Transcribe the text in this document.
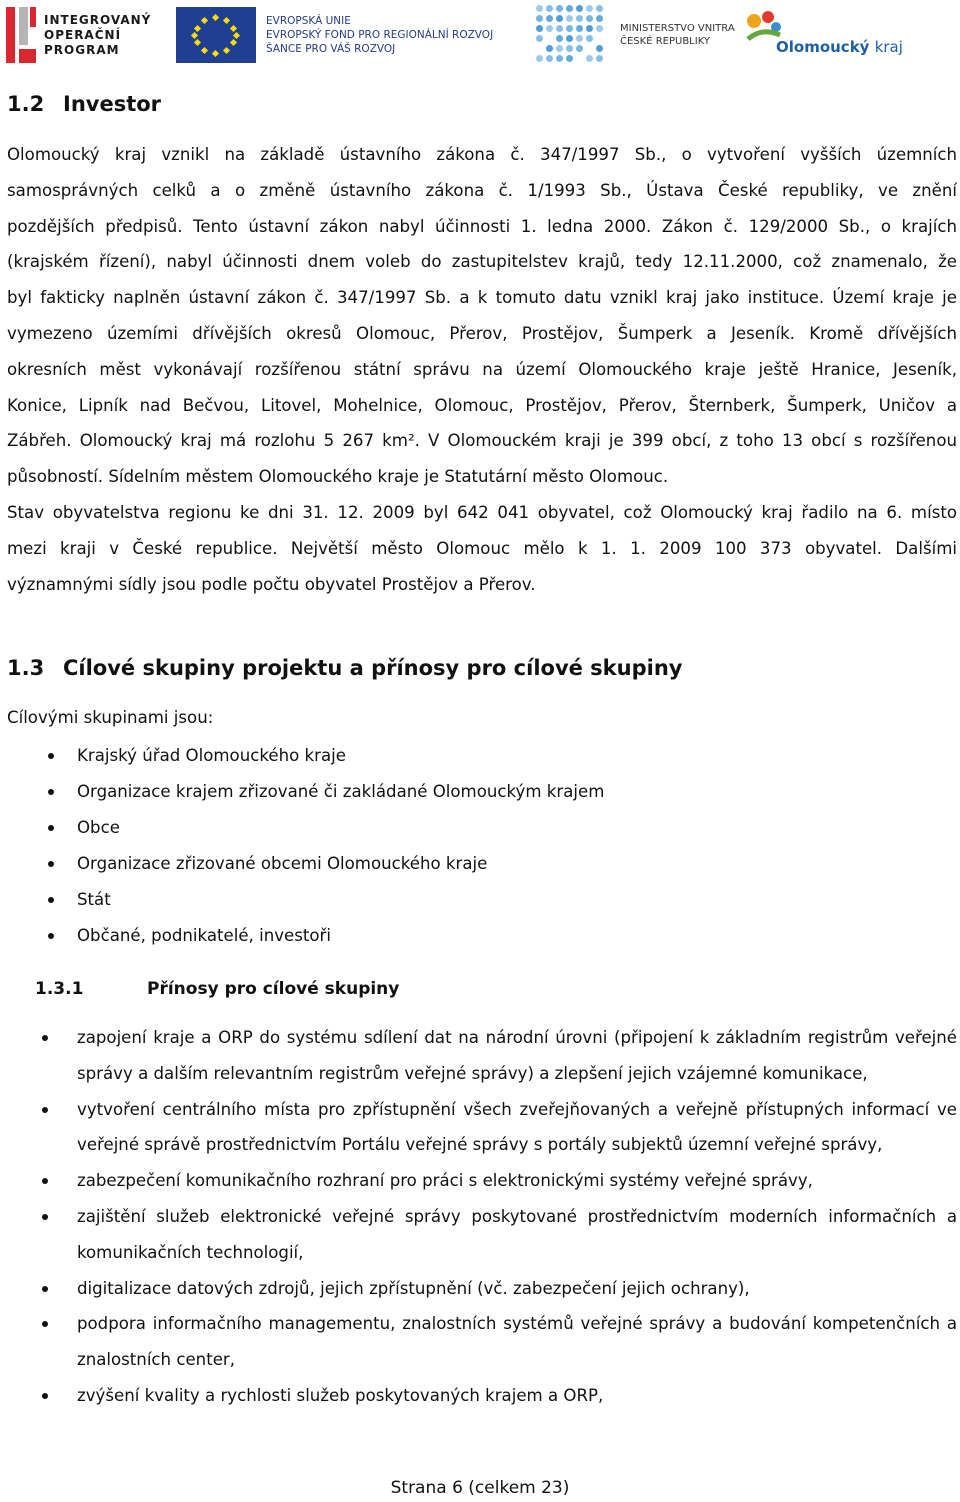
INTEGROVANÝ
OPERAČNÍ
PROGRAM
EVROPSKÁ UNIE
EVROPSKÝ FOND PRO REGIONÁLNÍ ROZVOJ
ŠANCE PRO VÁŠ ROZVOJ
MINISTERSTVO VNITRA
ČESKÉ REPUBLIKY	Olomoucký kraj
1.2 Investor
Olomoucký kraj vznikl na základě ústavního zákona č. 347/1997 Sb., o vytvoření vyšších územních
samosprávných celků a o změně ústavního zákona č. 1/1993 Sb., Ústava České republiky, ve znění
pozdějších předpisů. Tento ústavní zákon nabyl účinnosti 1. ledna 2000. Zákon č. 129/2000 Sb., o krajích
(krajském řízení), nabyl účinnosti dnem voleb do zastupitelstev krajů, tedy 12.11.2000, což znamenalo, že
byl fakticky naplněn ústavní zákon č. 347/1997 Sb. a k tomuto datu vznikl kraj jako instituce. Území kraje je
vymezeno územími dřívějších okresů Olomouc, Přerov, Prostějov, Šumperk a Jeseník. Kromě dřívějších
okresních měst vykonávají rozšířenou státní správu na území Olomouckého kraje ještě Hranice, Jeseník,
Konice, Lipník nad Bečvou, Litovel, Mohelnice, Olomouc, Prostějov, Přerov, Šternberk, Šumperk, Uničov a
Zábřeh. Olomoucký kraj má rozlohu 5 267 km². V Olomouckém kraji je 399 obcí, z toho 13 obcí s rozšířenou
působností. Sídelním městem Olomouckého kraje je Statutární město Olomouc.
Stav obyvatelstva regionu ke dni 31. 12. 2009 byl 642 041 obyvatel, což Olomoucký kraj řadilo na 6. místo
mezi kraji v České republice. Největší město Olomouc mělo k 1. 1. 2009 100 373 obyvatel. Dalšími
významnými sídly jsou podle počtu obyvatel Prostějov a Přerov.
1.3 Cílové skupiny projektu a přínosy pro cílové skupiny
Cílovými skupinami jsou:
Krajský úřad Olomouckého kraje
Organizace krajem zřizované či zakládané Olomouckým krajem
Obce
Organizace zřizované obcemi Olomouckého kraje
Stát
Občané, podnikatelé, investoři
1.3.1	Přínosy pro cílové skupiny
zapojení kraje a ORP do systému sdílení dat na národní úrovni (připojení k základním registrům veřejné správy a dalším relevantním registrům veřejné správy) a zlepšení jejich vzájemné komunikace,
vytvoření centrálního místa pro zpřístupnění všech zveřejňovaných a veřejně přístupných informací ve veřejné správě prostřednictvím Portálu veřejné správy s portály subjektů územní veřejné správy,
zabezpečení komunikačního rozhraní pro práci s elektronickými systémy veřejné správy,
zajištění služeb elektronické veřejné správy poskytované prostřednictvím moderních informačních a komunikačních technologií,
digitalizace datových zdrojů, jejich zpřístupnění (vč. zabezpečení jejich ochrany),
podpora informačního managementu, znalostních systémů veřejné správy a budování kompetenčních a znalostních center,
zvýšení kvality a rychlosti služeb poskytovaných krajem a ORP,
Strana 6 (celkem 23)
